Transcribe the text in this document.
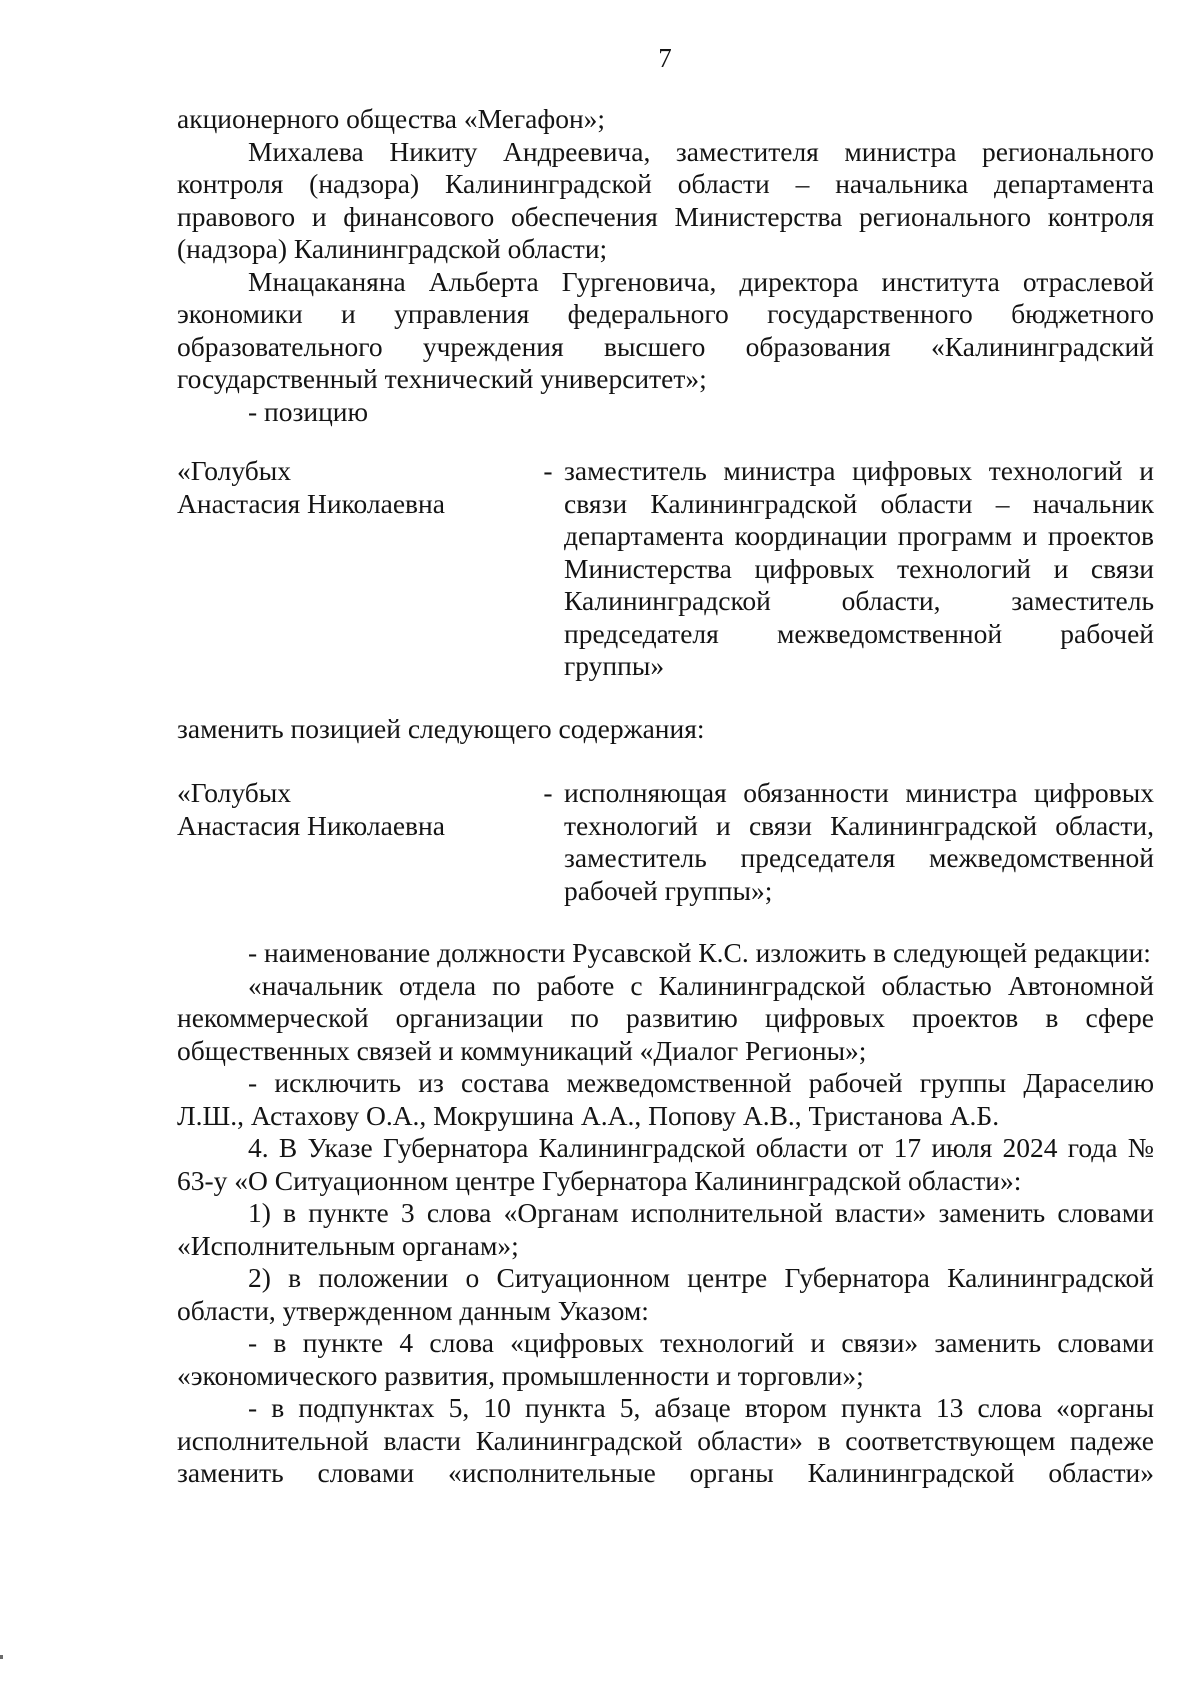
7

акционерного общества «Мегафон»;

Михалева Никиту Андреевича, заместителя министра регионального контроля (надзора) Калининградской области – начальника департамента правового и финансового обеспечения Министерства регионального контроля (надзора) Калининградской области;

Мнацаканяна Альберта Гургеновича, директора института отраслевой экономики и управления федерального государственного бюджетного образовательного учреждения высшего образования «Калининградский государственный технический университет»;

- позицию

«Голубых
Анастасия Николаевна
- заместитель министра цифровых технологий и связи Калининградской области – начальник департамента координации программ и проектов Министерства цифровых технологий и связи Калининградской области, заместитель председателя межведомственной рабочей группы»

заменить позицией следующего содержания:

«Голубых
Анастасия Николаевна
- исполняющая обязанности министра цифровых технологий и связи Калининградской области, заместитель председателя межведомственной рабочей группы»;

- наименование должности Русавской К.С. изложить в следующей редакции:

«начальник отдела по работе с Калининградской областью Автономной некоммерческой организации по развитию цифровых проектов в сфере общественных связей и коммуникаций «Диалог Регионы»;

- исключить из состава межведомственной рабочей группы Дараселию Л.Ш., Астахову О.А., Мокрушина А.А., Попову А.В., Тристанова А.Б.

4. В Указе Губернатора Калининградской области от 17 июля 2024 года № 63-у «О Ситуационном центре Губернатора Калининградской области»:

1) в пункте 3 слова «Органам исполнительной власти» заменить словами «Исполнительным органам»;

2) в положении о Ситуационном центре Губернатора Калининградской области, утвержденном данным Указом:

- в пункте 4 слова «цифровых технологий и связи» заменить словами «экономического развития, промышленности и торговли»;

- в подпунктах 5, 10 пункта 5, абзаце втором пункта 13 слова «органы исполнительной власти Калининградской области» в соответствующем падеже заменить словами «исполнительные органы Калининградской области»
